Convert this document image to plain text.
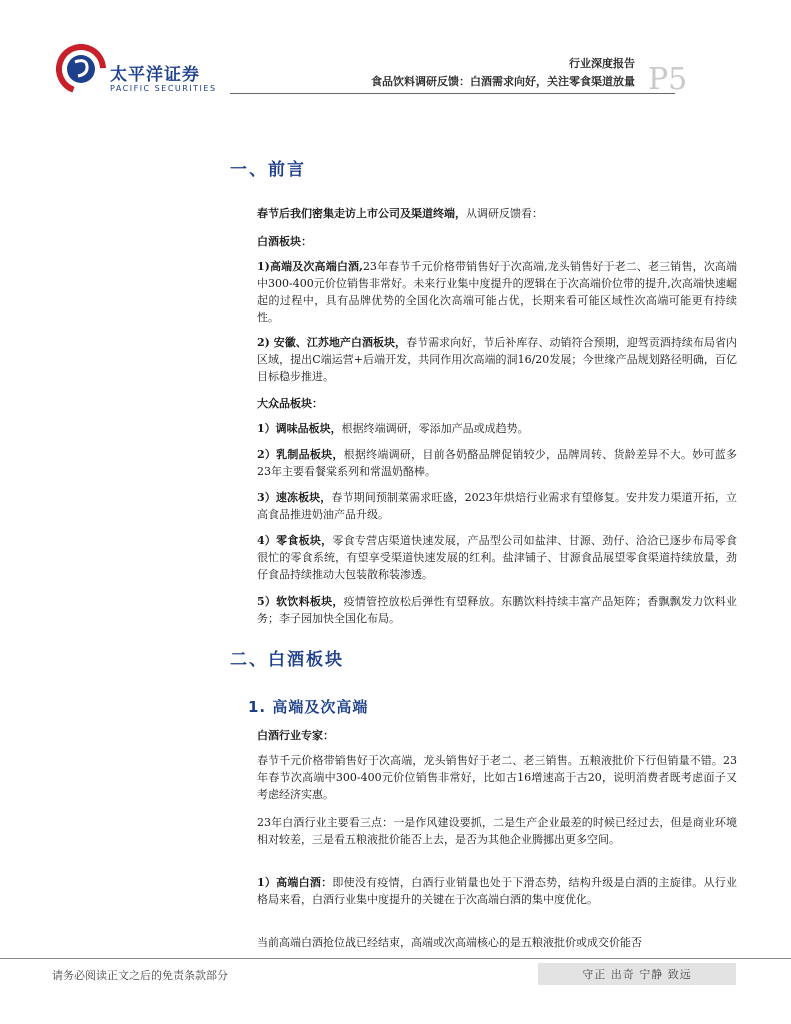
太平洋证券
PACIFIC SECURITIES
行业深度报告
食品饮料调研反馈：白酒需求向好，关注零食渠道放量 P5
一、前言
春节后我们密集走访上市公司及渠道终端，从调研反馈看：
白酒板块：
1)高端及次高端白酒,23年春节千元价格带销售好于次高端,龙头销售好于老二、老三销售，次高端中300-400元价位销售非常好。未来行业集中度提升的逻辑在于次高端价位带的提升,次高端快速崛起的过程中，具有品牌优势的全国化次高端可能占优，长期来看可能区域性次高端可能更有持续性。
2) 安徽、江苏地产白酒板块，春节需求向好，节后补库存、动销符合预期，迎驾贡酒持续布局省内区域，提出C端运营+后端开发，共同作用次高端的洞16/20发展；今世缘产品规划路径明确，百亿目标稳步推进。
大众品板块：
1）调味品板块，根据终端调研，零添加产品或成趋势。
2）乳制品板块，根据终端调研，目前各奶酪品牌促销较少，品牌周转、货龄差异不大。妙可蓝多23年主要看餐棠系列和常温奶酪棒。
3）速冻板块，春节期间预制菜需求旺盛，2023年烘焙行业需求有望修复。安井发力渠道开拓，立高食品推进奶油产品升级。
4）零食板块，零食专营店渠道快速发展，产品型公司如盐津、甘源、劲仔、洽洽已逐步布局零食很忙的零食系统，有望享受渠道快速发展的红利。盐津铺子、甘源食品展望零食渠道持续放量，劲仔食品持续推动大包装散称装渗透。
5）软饮料板块，疫情管控放松后弹性有望释放。东鹏饮料持续丰富产品矩阵；香飘飘发力饮料业务；李子园加快全国化布局。
二、白酒板块
1. 高端及次高端
白酒行业专家：
春节千元价格带销售好于次高端，龙头销售好于老二、老三销售。五粮液批价下行但销量不错。23年春节次高端中300-400元价位销售非常好，比如古16增速高于古20，说明消费者既考虑面子又考虑经济实惠。
23年白酒行业主要看三点：一是作风建设要抓，二是生产企业最差的时候已经过去，但是商业环境相对较差，三是看五粮液批价能否上去，是否为其他企业腾挪出更多空间。
1）高端白酒：即使没有疫情，白酒行业销量也处于下滑态势，结构升级是白酒的主旋律。从行业格局来看，白酒行业集中度提升的关键在于次高端白酒的集中度优化。
当前高端白酒抢位战已经结束，高端或次高端核心的是五粮液批价或成交价能否
请务必阅读正文之后的免责条款部分	守正 出奇 宁静 致远
